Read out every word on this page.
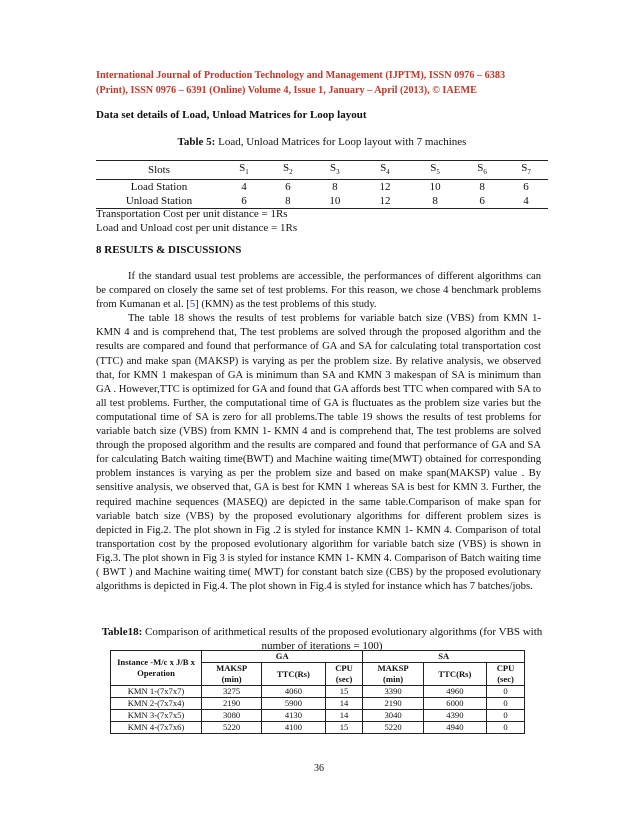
International Journal of Production Technology and Management (IJPTM), ISSN 0976 – 6383
(Print), ISSN 0976 – 6391 (Online) Volume 4, Issue 1, January – April (2013), © IAEME
Data set details of Load, Unload Matrices for Loop layout
Table 5: Load, Unload Matrices for Loop layout with 7 machines
Slots	$S_1$	$S_2$	$S_3$	$S_4$	$S_5$	$S_6$	$S_7$
Load Station	4	6	8	12	10	8	6
Unload Station	6	8	10	12	8	6	4
Transportation Cost per unit distance = 1Rs
Load and Unload cost per unit distance = 1Rs
8 RESULTS & DISCUSSIONS

If the standard usual test problems are accessible, the performances of different algorithms can be compared on closely the same set of test problems. For this reason, we chose 4 benchmark problems from Kumanan et al. [5] (KMN) as the test problems of this study.

The table 18 shows the results of test problems for variable batch size (VBS) from KMN 1- KMN 4 and is comprehend that, The test problems are solved through the proposed algorithm and the results are compared and found that performance of GA and SA for calculating total transportation cost (TTC) and make span (MAKSP) is varying as per the problem size. By relative analysis, we observed that, for KMN 1 makespan of GA is minimum than SA and KMN 3 makespan of SA is minimum than GA . However,TTC is optimized for GA and found that GA affords best TTC when compared with SA to all test problems. Further, the computational time of GA is fluctuates as the problem size varies but the computational time of SA is zero for all problems.The table 19 shows the results of test problems for variable batch size (VBS) from KMN 1- KMN 4 and is comprehend that, The test problems are solved through the proposed algorithm and the results are compared and found that performance of GA and SA for calculating Batch waiting time(BWT) and Machine waiting time(MWT) obtained for corresponding problem instances is varying as per the problem size and based on make span(MAKSP) value . By sensitive analysis, we observed that, GA is best for KMN 1 whereas SA is best for KMN 3. Further, the required machine sequences (MASEQ) are depicted in the same table.Comparison of make span for variable batch size (VBS) by the proposed evolutionary algorithms for different problem sizes is depicted in Fig.2. The plot shown in Fig .2 is styled for instance KMN 1- KMN 4. Comparison of total transportation cost by the proposed evolutionary algorithm for variable batch size (VBS) is shown in Fig.3. The plot shown in Fig 3 is styled for instance KMN 1- KMN 4. Comparison of Batch waiting time ( BWT ) and Machine waiting time( MWT) for constant batch size (CBS) by the proposed evolutionary algorithms is depicted in Fig.4. The plot shown in Fig.4 is styled for instance which has 7 batches/jobs.

Table18: Comparison of arithmetical results of the proposed evolutionary algorithms (for VBS with number of iterations = 100)
Instance -M/c x J/B x Operation	GA			SA		
	MAKSP
(min)	TTC(Rs)	CPU
(sec)	MAKSP
(min)	TTC(Rs)	CPU
(sec)
KMN 1-(7x7x7)	3275	4060	15	3390	4960	0
KMN 2-(7x7x4)	2190	5900	14	2190	6000	0
KMN 3-(7x7x5)	3080	4130	14	3040	4390	0
KMN 4-(7x7x6)	5220	4100	15	5220	4940	0
36
